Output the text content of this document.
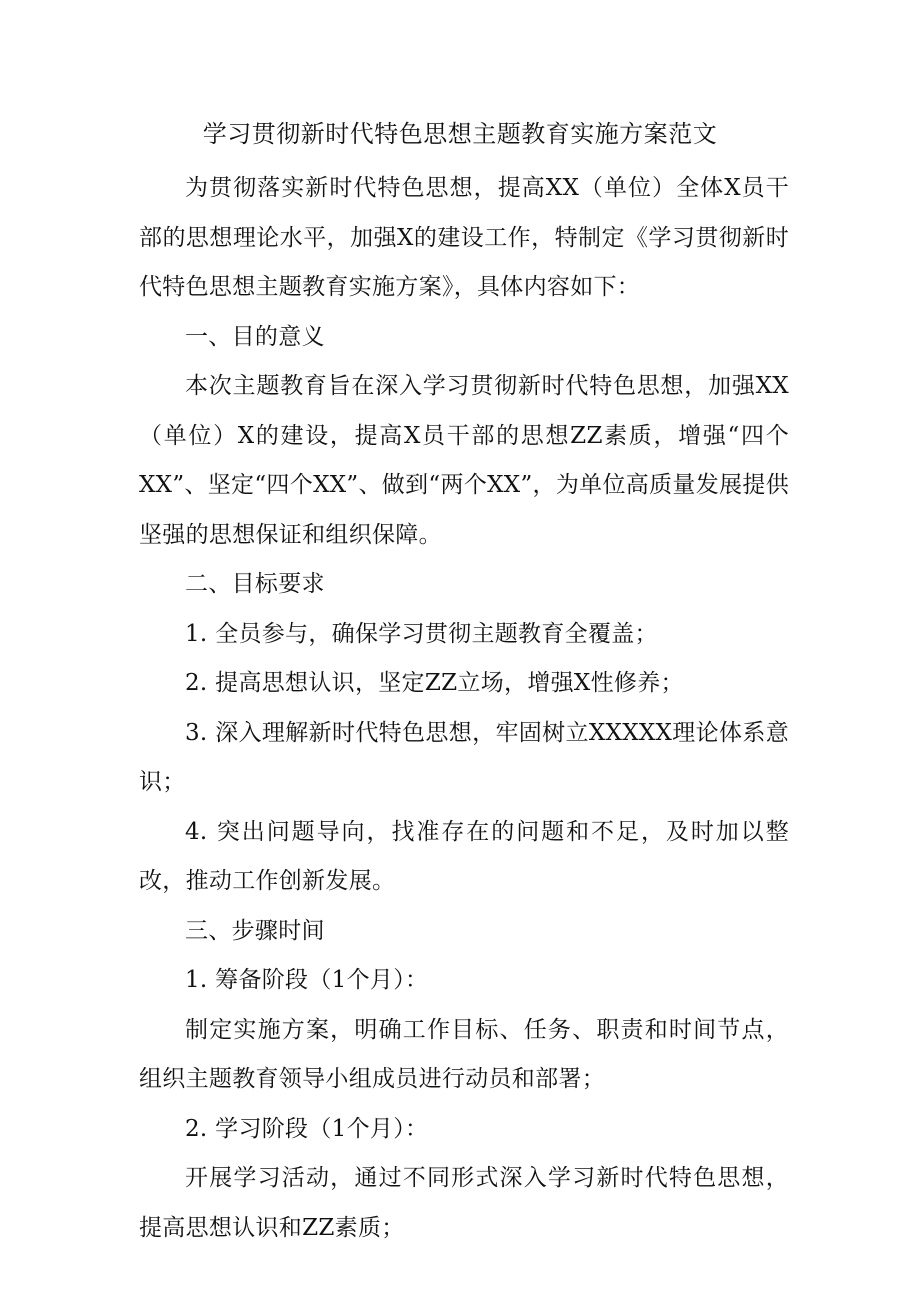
学习贯彻新时代特色思想主题教育实施方案范文

为贯彻落实新时代特色思想，提高XX（单位）全体X员干部的思想理论水平，加强X的建设工作，特制定《学习贯彻新时代特色思想主题教育实施方案》，具体内容如下：

一、目的意义

本次主题教育旨在深入学习贯彻新时代特色思想，加强XX（单位）X的建设，提高X员干部的思想ZZ素质，增强“四个XX”、坚定“四个XX”、做到“两个XX”，为单位高质量发展提供坚强的思想保证和组织保障。

二、目标要求

1. 全员参与，确保学习贯彻主题教育全覆盖；

2. 提高思想认识，坚定ZZ立场，增强X性修养；

3. 深入理解新时代特色思想，牢固树立XXXXX理论体系意识；

4. 突出问题导向，找准存在的问题和不足，及时加以整改，推动工作创新发展。

三、步骤时间

1. 筹备阶段（1个月）：

制定实施方案，明确工作目标、任务、职责和时间节点，组织主题教育领导小组成员进行动员和部署；

2. 学习阶段（1个月）：

开展学习活动，通过不同形式深入学习新时代特色思想，提高思想认识和ZZ素质；
